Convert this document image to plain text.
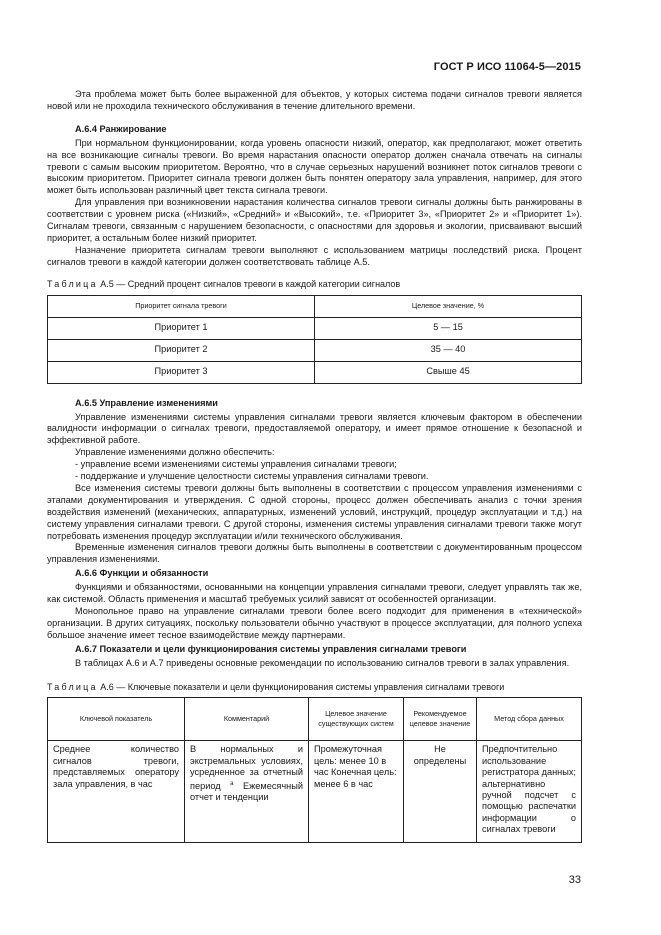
ГОСТ Р ИСО 11064-5—2015

Эта проблема может быть более выраженной для объектов, у которых система подачи сигналов тревоги является новой или не проходила технического обслуживания в течение длительного времени.

A.6.4 Ранжирование

При нормальном функционировании, когда уровень опасности низкий, оператор, как предполагают, может ответить на все возникающие сигналы тревоги. Во время нарастания опасности оператор должен сначала отвечать на сигналы тревоги с самым высоким приоритетом. Вероятно, что в случае серьезных нарушений возникнет поток сигналов тревоги с высоким приоритетом. Приоритет сигнала тревоги должен быть понятен оператору зала управления, например, для этого может быть использован различный цвет текста сигнала тревоги.

Для управления при возникновении нарастания количества сигналов тревоги сигналы должны быть ранжированы в соответствии с уровнем риска («Низкий», «Средний» и «Высокий», т.е. «Приоритет 3», «Приоритет 2» и «Приоритет 1»). Сигналам тревоги, связанным с нарушением безопасности, с опасностями для здоровья и экологии, присваивают высший приоритет, а остальным более низкий приоритет.

Назначение приоритета сигналам тревоги выполняют с использованием матрицы последствий риска. Процент сигналов тревоги в каждой категории должен соответствовать таблице A.5.

Таблица A.5 — Средний процент сигналов тревоги в каждой категории сигналов
Приоритет сигнала тревоги	Целевое значение, %
Приоритет 1	5 — 15
Приоритет 2	35 — 40
Приоритет 3	Свыше 45

A.6.5 Управление изменениями

Управление изменениями системы управления сигналами тревоги является ключевым фактором в обеспечении валидности информации о сигналах тревоги, предоставляемой оператору, и имеет прямое отношение к безопасной и эффективной работе.

Управление изменениями должно обеспечить:

- управление всеми изменениями системы управления сигналами тревоги;

- поддержание и улучшение целостности системы управления сигналами тревоги.

Все изменения системы тревоги должны быть выполнены в соответствии с процессом управления изменениями с этапами документирования и утверждения. С одной стороны, процесс должен обеспечивать анализ с точки зрения воздействия изменений (механических, аппаратурных, изменений условий, инструкций, процедур эксплуатации и т.д.) на систему управления сигналами тревоги. С другой стороны, изменения системы управления сигналами тревоги также могут потребовать изменения процедур эксплуатации и/или технического обслуживания.

Временные изменения сигналов тревоги должны быть выполнены в соответствии с документированным процессом управления изменениями.

A.6.6 Функции и обязанности

Функциями и обязанностями, основанными на концепции управления сигналами тревоги, следует управлять так же, как системой. Область применения и масштаб требуемых усилий зависят от особенностей организации.

Монопольное право на управление сигналами тревоги более всего подходит для применения в «технической» организации. В других ситуациях, поскольку пользователи обычно участвуют в процессе эксплуатации, для полного успеха большое значение имеет тесное взаимодействие между партнерами.

A.6.7 Показатели и цели функционирования системы управления сигналами тревоги

В таблицах A.6 и A.7 приведены основные рекомендации по использованию сигналов тревоги в залах управления.

Таблица A.6 — Ключевые показатели и цели функционирования системы управления сигналами тревоги
Ключевой показатель	Комментарий	Целевое значение существующих систем	Рекомендуемое целевое значение	Метод сбора данных
Среднее количество сигналов тревоги, представляемых оператору зала управления, в час	В нормальных и экстремальных условиях, усредненное за отчетный период $^a$ Ежемесячный отчет и тенденции	Промежуточная цель: менее 10 в час Конечная цель: менее 6 в час	Не определены	Предпочтительно использование регистратора данных; альтернативно ручной подсчет с помощью распечатки информации о сигналах тревоги
33
